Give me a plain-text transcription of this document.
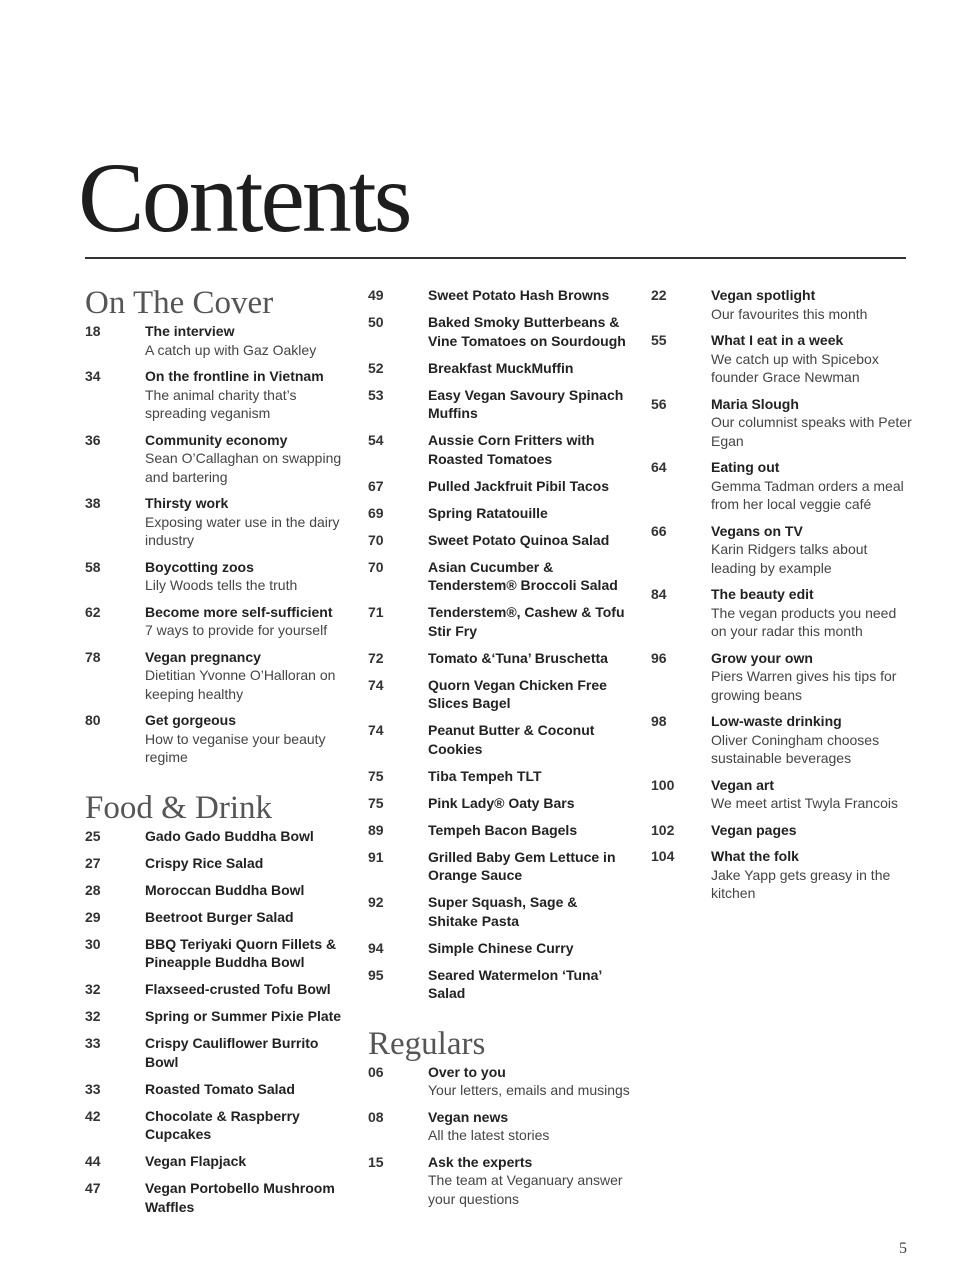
Contents
On The Cover
18	The interview
A catch up with Gaz Oakley
34	On the frontline in Vietnam
The animal charity that’s spreading veganism
36	Community economy
Sean O’Callaghan on swapping and bartering
38	Thirsty work
Exposing water use in the dairy industry
58	Boycotting zoos
Lily Woods tells the truth
62	Become more self-sufficient
7 ways to provide for yourself
78	Vegan pregnancy
Dietitian Yvonne O’Halloran on keeping healthy
80	Get gorgeous
How to veganise your beauty regime
Food & Drink
25	Gado Gado Buddha Bowl
27	Crispy Rice Salad
28	Moroccan Buddha Bowl
29	Beetroot Burger Salad
30	BBQ Teriyaki Quorn Fillets & Pineapple Buddha Bowl
32	Flaxseed-crusted Tofu Bowl
32	Spring or Summer Pixie Plate
33	Crispy Cauliflower Burrito Bowl
33	Roasted Tomato Salad
42	Chocolate & Raspberry Cupcakes
44	Vegan Flapjack
47	Vegan Portobello Mushroom Waffles
49	Sweet Potato Hash Browns
50	Baked Smoky Butterbeans & Vine Tomatoes on Sourdough
52	Breakfast MuckMuffin
53	Easy Vegan Savoury Spinach Muffins
54	Aussie Corn Fritters with Roasted Tomatoes
67	Pulled Jackfruit Pibil Tacos
69	Spring Ratatouille
70	Sweet Potato Quinoa Salad
70	Asian Cucumber & Tenderstem® Broccoli Salad
71	Tenderstem®, Cashew & Tofu Stir Fry
72	Tomato &‘Tuna’ Bruschetta
74	Quorn Vegan Chicken Free Slices Bagel
74	Peanut Butter & Coconut Cookies
75	Tiba Tempeh TLT
75	Pink Lady® Oaty Bars
89	Tempeh Bacon Bagels
91	Grilled Baby Gem Lettuce in Orange Sauce
92	Super Squash, Sage & Shitake Pasta
94	Simple Chinese Curry
95	Seared Watermelon ‘Tuna’ Salad
Regulars
06	Over to you
Your letters, emails and musings
08	Vegan news
All the latest stories
15	Ask the experts
The team at Veganuary answer your questions
22	Vegan spotlight
Our favourites this month
55	What I eat in a week
We catch up with Spicebox founder Grace Newman
56	Maria Slough
Our columnist speaks with Peter Egan
64	Eating out
Gemma Tadman orders a meal from her local veggie café
66	Vegans on TV
Karin Ridgers talks about leading by example
84	The beauty edit
The vegan products you need on your radar this month
96	Grow your own
Piers Warren gives his tips for growing beans
98	Low-waste drinking
Oliver Coningham chooses sustainable beverages
100	Vegan art
We meet artist Twyla Francois
102	Vegan pages
104	What the folk
Jake Yapp gets greasy in the kitchen
5
